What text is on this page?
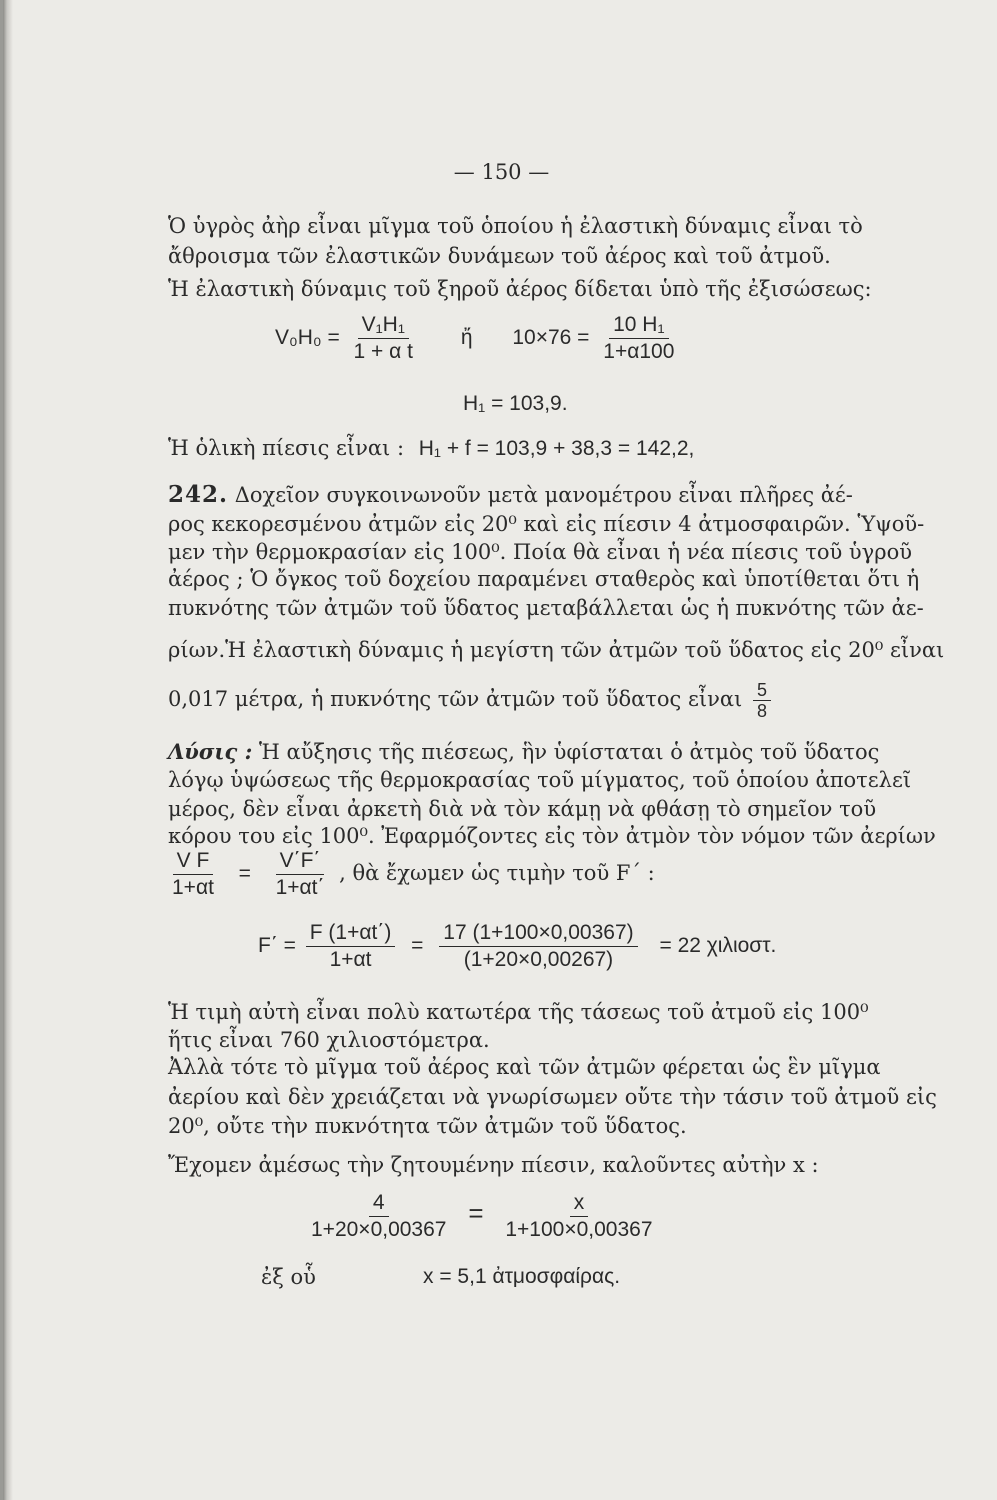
— 150 —
Ὁ ὑγρὸς ἀὴρ εἶναι μῖγμα τοῦ ὁποίου ἡ ἐλαστικὴ δύναμις εἶναι τὸ
ἄθροισμα τῶν ἐλαστικῶν δυνάμεων τοῦ ἀέρος καὶ τοῦ ἀτμοῦ.
Ἡ ἐλαστικὴ δύναμις τοῦ ξηροῦ ἀέρος δίδεται ὑπὸ τῆς ἐξισώσεως:
$V_0H_0 = \frac{\text{V₁H₁}}{\text{1 + α t}}$ ἤ $10\times 76 = \frac{\text{10 H₁}}{1+\alpha 100}$
H₁ = 103,9.
Ἡ ὁλικὴ πίεσις εἶναι : H₁ + f = 103,9 + 38,3 = 142,2,
242. Δοχεῖον συγκοινωνοῦν μετὰ μανομέτρου εἶναι πλῆρες ἀέ-
ρος κεκορεσμένου ἀτμῶν εἰς 20⁰ καὶ εἰς πίεσιν 4 ἀτμοσφαιρῶν. Ὑψοῦ-
μεν τὴν θερμοκρασίαν εἰς 100⁰. Ποία θὰ εἶναι ἡ νέα πίεσις τοῦ ὑγροῦ
ἀέρος ; Ὁ ὄγκος τοῦ δοχείου παραμένει σταθερὸς καὶ ὑποτίθεται ὅτι ἡ
πυκνότης τῶν ἀτμῶν τοῦ ὕδατος μεταβάλλεται ὡς ἡ πυκνότης τῶν ἀε-
ρίων.Ἡ ἐλαστικὴ δύναμις ἡ μεγίστη τῶν ἀτμῶν τοῦ ὕδατος εἰς 20⁰ εἶναι
0,017 μέτρα, ἡ πυκνότης τῶν ἀτμῶν τοῦ ὕδατος εἶναι $\frac{5}{8}$
Λύσις : Ἡ αὔξησις τῆς πιέσεως, ἣν ὑφίσταται ὁ ἀτμὸς τοῦ ὕδατος
λόγῳ ὑψώσεως τῆς θερμοκρασίας τοῦ μίγματος, τοῦ ὁποίου ἀποτελεῖ
μέρος, δὲν εἶναι ἀρκετὴ διὰ νὰ τὸν κάμῃ νὰ φθάσῃ τὸ σημεῖον τοῦ
κόρου του εἰς 100⁰. Ἐφαρμόζοντες εἰς τὸν ἀτμὸν τὸν νόμον τῶν ἀερίων
$\frac{\text{V F}}{1+\alpha t} = \frac{V΄F΄}{1+\alpha t΄}$ , θὰ ἔχωμεν ὡς τιμὴν τοῦ F΄ :
$F΄ = \frac{F (1+\alpha t΄)}{1+\alpha t} = \frac{17 (1+100\times 0,00367)}{(1+20\times 0,00267)} = 22$ χιλιοστ.
Ἡ τιμὴ αὐτὴ εἶναι πολὺ κατωτέρα τῆς τάσεως τοῦ ἀτμοῦ εἰς 100⁰
ἥτις εἶναι 760 χιλιοστόμετρα.
Ἀλλὰ τότε τὸ μῖγμα τοῦ ἀέρος καὶ τῶν ἀτμῶν φέρεται ὡς ἓν μῖγμα
ἀερίου καὶ δὲν χρειάζεται νὰ γνωρίσωμεν οὔτε τὴν τάσιν τοῦ ἀτμοῦ εἰς
20⁰, οὔτε τὴν πυκνότητα τῶν ἀτμῶν τοῦ ὕδατος.
Ἔχομεν ἀμέσως τὴν ζητουμένην πίεσιν, καλοῦντες αὐτὴν x :
$\frac{4}{1+20\times 0,00367} = \frac{x}{1+100\times 0,00367}$
ἐξ οὗ	x = 5,1 ἀτμοσφαίρας.
